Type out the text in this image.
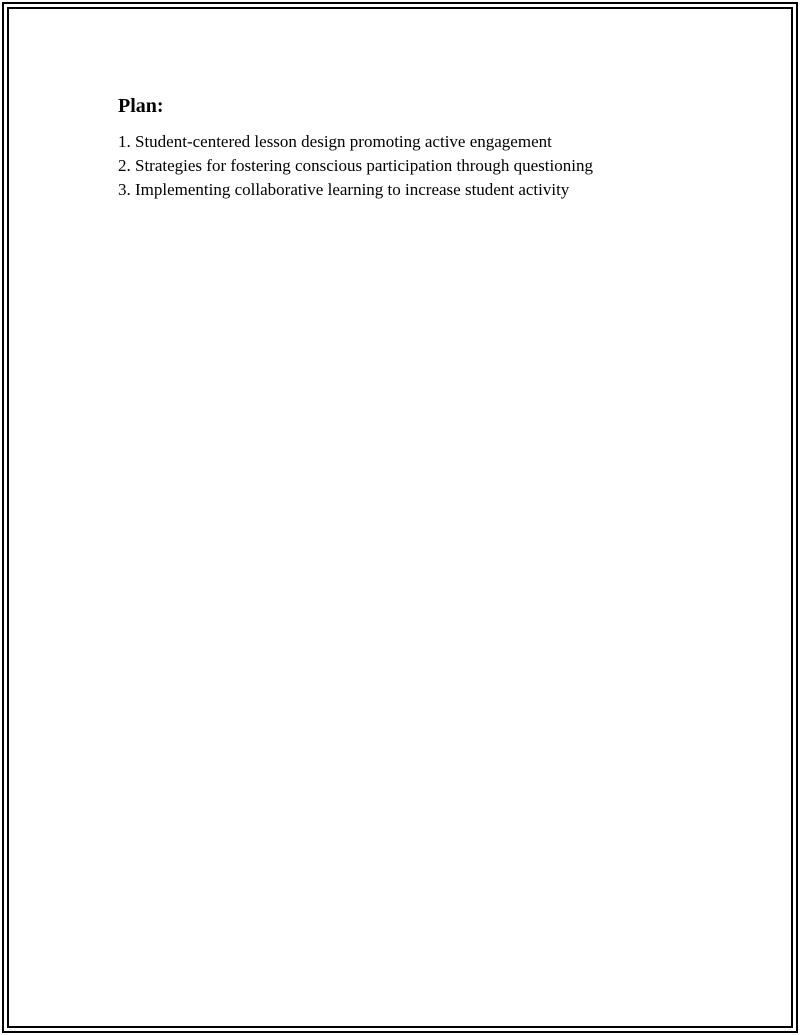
Plan:
1. Student-centered lesson design promoting active engagement
2. Strategies for fostering conscious participation through questioning
3. Implementing collaborative learning to increase student activity
